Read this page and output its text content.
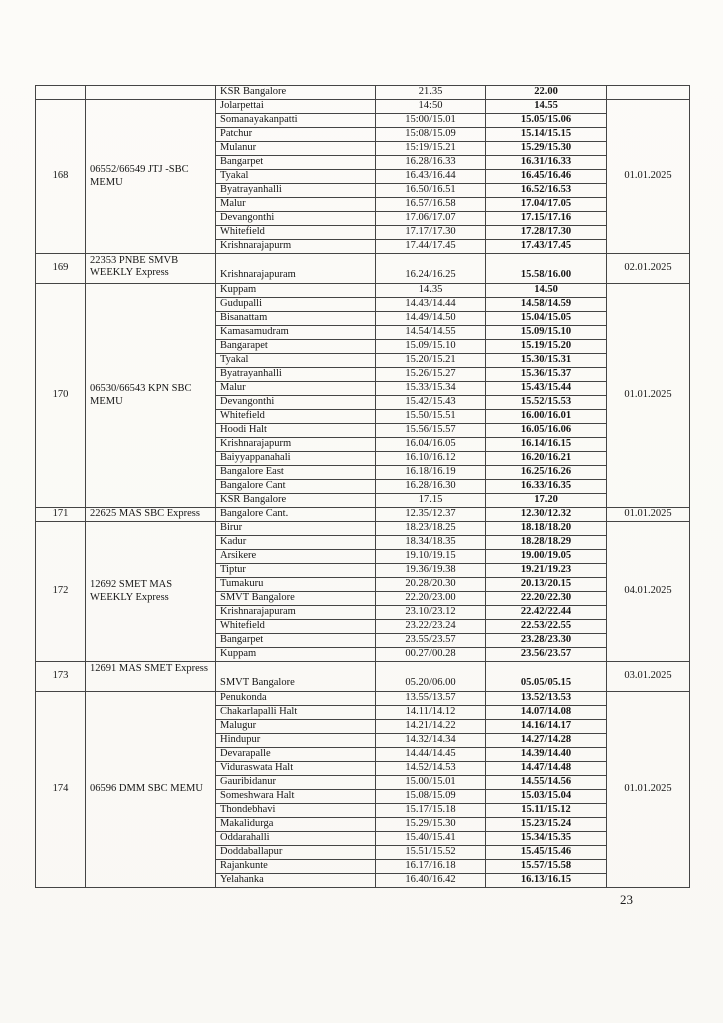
		KSR Bangalore	21.35	22.00	
168	06552/66549 JTJ -SBC MEMU	Jolarpettai	14:50	14.55	01.01.2025
		Somanayakanpatti	15:00/15.01	15.05/15.06	
		Patchur	15:08/15.09	15.14/15.15	
		Mulanur	15:19/15.21	15.29/15.30	
		Bangarpet	16.28/16.33	16.31/16.33	
		Tyakal	16.43/16.44	16.45/16.46	
		Byatrayanhalli	16.50/16.51	16.52/16.53	
		Malur	16.57/16.58	17.04/17.05	
		Devangonthi	17.06/17.07	17.15/17.16	
		Whitefield	17.17/17.30	17.28/17.30	
		Krishnarajapurm	17.44/17.45	17.43/17.45	
169	22353 PNBE SMVB WEEKLY Express	Krishnarajapuram	16.24/16.25	15.58/16.00	02.01.2025
170	06530/66543 KPN SBC MEMU	Kuppam	14.35	14.50	01.01.2025
		Gudupalli	14.43/14.44	14.58/14.59	
		Bisanattam	14.49/14.50	15.04/15.05	
		Kamasamudram	14.54/14.55	15.09/15.10	
		Bangarapet	15.09/15.10	15.19/15.20	
		Tyakal	15.20/15.21	15.30/15.31	
		Byatrayanhalli	15.26/15.27	15.36/15.37	
		Malur	15.33/15.34	15.43/15.44	
		Devangonthi	15.42/15.43	15.52/15.53	
		Whitefield	15.50/15.51	16.00/16.01	
		Hoodi Halt	15.56/15.57	16.05/16.06	
		Krishnarajapurm	16.04/16.05	16.14/16.15	
		Baiyyappanahali	16.10/16.12	16.20/16.21	
		Bangalore East	16.18/16.19	16.25/16.26	
		Bangalore Cant	16.28/16.30	16.33/16.35	
		KSR Bangalore	17.15	17.20	
171	22625 MAS SBC Express	Bangalore Cant.	12.35/12.37	12.30/12.32	01.01.2025
172	12692 SMET MAS WEEKLY Express	Birur	18.23/18.25	18.18/18.20	04.01.2025
		Kadur	18.34/18.35	18.28/18.29	
		Arsikere	19.10/19.15	19.00/19.05	
		Tiptur	19.36/19.38	19.21/19.23	
		Tumakuru	20.28/20.30	20.13/20.15	
		SMVT Bangalore	22.20/23.00	22.20/22.30	
		Krishnarajapuram	23.10/23.12	22.42/22.44	
		Whitefield	23.22/23.24	22.53/22.55	
		Bangarpet	23.55/23.57	23.28/23.30	
		Kuppam	00.27/00.28	23.56/23.57	
173	12691 MAS SMET Express	SMVT Bangalore	05.20/06.00	05.05/05.15	03.01.2025
174	06596 DMM SBC MEMU	Penukonda	13.55/13.57	13.52/13.53	01.01.2025
		Chakarlapalli Halt	14.11/14.12	14.07/14.08	
		Malugur	14.21/14.22	14.16/14.17	
		Hindupur	14.32/14.34	14.27/14.28	
		Devarapalle	14.44/14.45	14.39/14.40	
		Viduraswata Halt	14.52/14.53	14.47/14.48	
		Gauribidanur	15.00/15.01	14.55/14.56	
		Someshwara Halt	15.08/15.09	15.03/15.04	
		Thondebhavi	15.17/15.18	15.11/15.12	
		Makalidurga	15.29/15.30	15.23/15.24	
		Oddarahalli	15.40/15.41	15.34/15.35	
		Doddaballapur	15.51/15.52	15.45/15.46	
		Rajankunte	16.17/16.18	15.57/15.58	
		Yelahanka	16.40/16.42	16.13/16.15	
23
